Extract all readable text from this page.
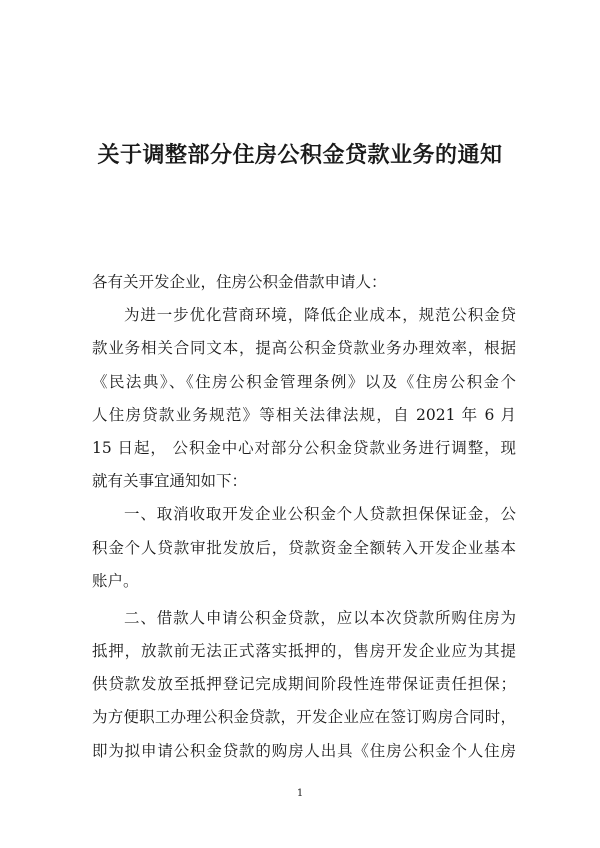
关于调整部分住房公积金贷款业务的通知
各有关开发企业，住房公积金借款申请人：
为进一步优化营商环境，降低企业成本，规范公积金贷
款业务相关合同文本，提高公积金贷款业务办理效率，根据
《民法典》、《住房公积金管理条例》以及《住房公积金个
人住房贷款业务规范》等相关法律法规，自 2021 年 6 月
15 日起， 公积金中心对部分公积金贷款业务进行调整，现
就有关事宜通知如下：
一、取消收取开发企业公积金个人贷款担保保证金，公
积金个人贷款审批发放后，贷款资金全额转入开发企业基本
账户。
二、借款人申请公积金贷款，应以本次贷款所购住房为
抵押，放款前无法正式落实抵押的，售房开发企业应为其提
供贷款发放至抵押登记完成期间阶段性连带保证责任担保；
为方便职工办理公积金贷款，开发企业应在签订购房合同时，
即为拟申请公积金贷款的购房人出具《住房公积金个人住房
1
